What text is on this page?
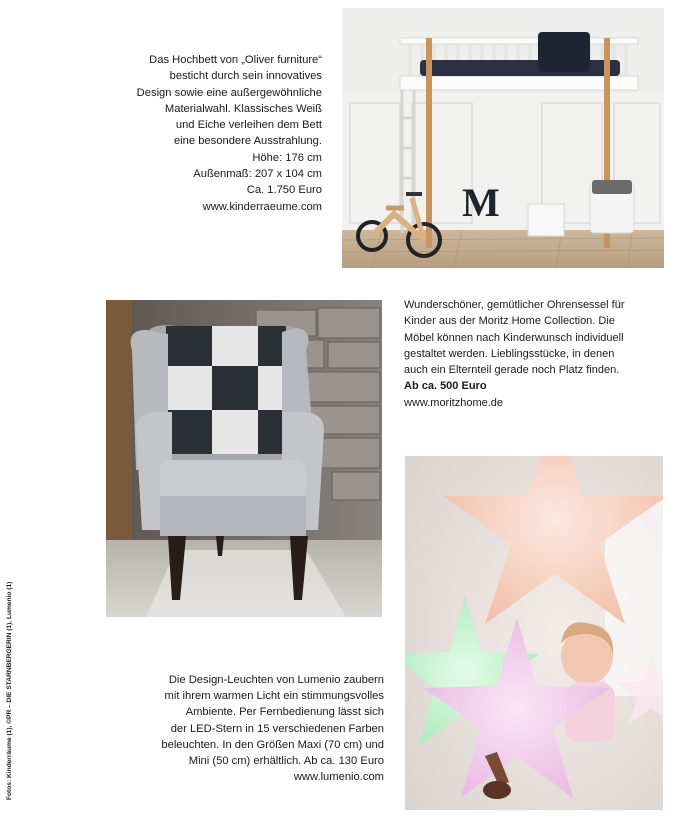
Das Hochbett von „Oliver furniture“
besticht durch sein innovatives
Design sowie eine außergewöhnliche
Materialwahl. Klassisches Weiß
und Eiche verleihen dem Bett
eine besondere Ausstrahlung.
Höhe: 176 cm
Außenmaß: 207 x 104 cm
Ca. 1.750 Euro
www.kinderraeume.com	M
Wunderschöner, gemütlicher Ohrensessel für
Kinder aus der Moritz Home Collection. Die
Möbel können nach Kinderwunsch individuell
gestaltet werden. Lieblingsstücke, in denen
auch ein Elternteil gerade noch Platz finden.
Ab ca. 500 Euro
www.moritzhome.de
Die Design-Leuchten von Lumenio zaubern
mit ihrem warmen Licht ein stimmungsvolles
Ambiente. Per Fernbedienung lässt sich
der LED-Stern in 15 verschiedenen Farben
beleuchten. In den Größen Maxi (70 cm) und
Mini (50 cm) erhältlich. Ab ca. 130 Euro
www.lumenio.com
Fotos: Kinderräume (1), ©PR – DIE STARNBERGERIN (1), Lumenio (1)
